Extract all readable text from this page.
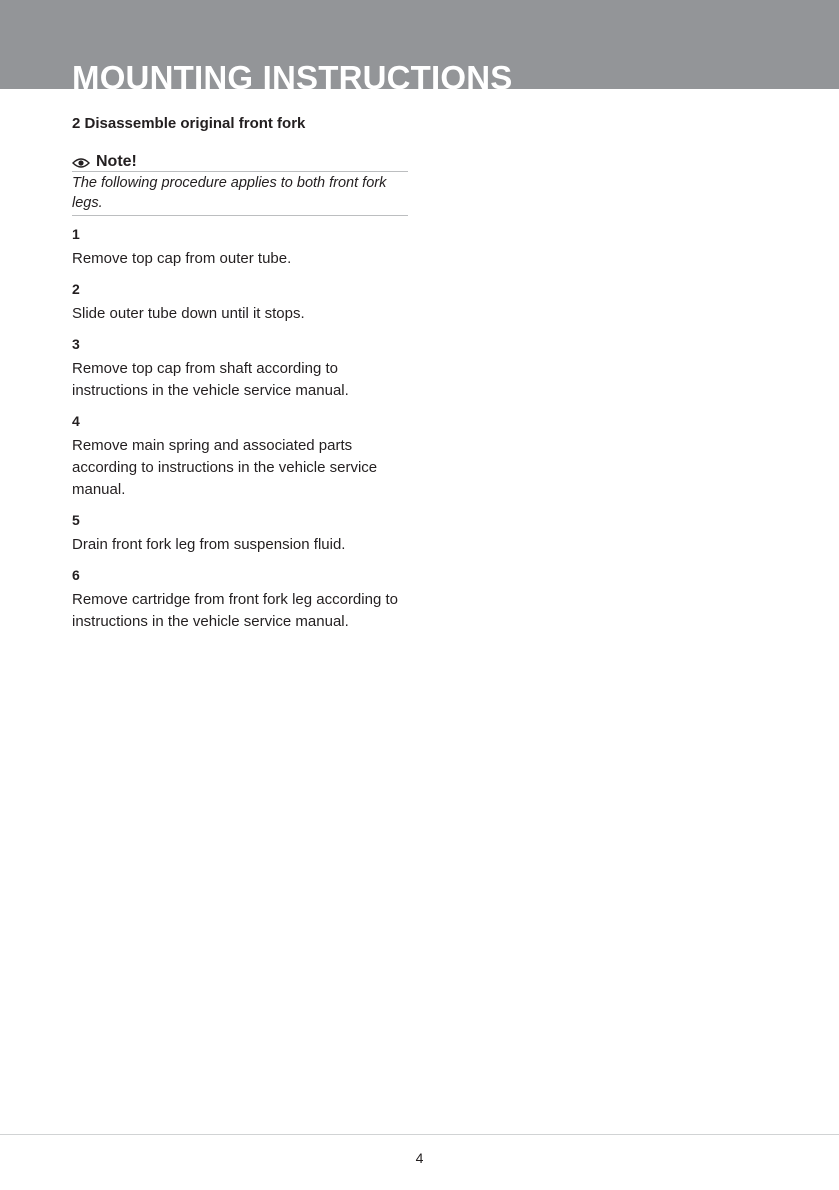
MOUNTING INSTRUCTIONS
2 Disassemble original front fork
Note!
The following procedure applies to both front fork legs.
1
Remove top cap from outer tube.
2
Slide outer tube down until it stops.
3
Remove top cap from shaft according to instructions in the vehicle service manual.
4
Remove main spring and associated parts according to instructions in the vehicle service manual.
5
Drain front fork leg from suspension fluid.
6
Remove cartridge from front fork leg according to instructions in the vehicle service manual.
4
